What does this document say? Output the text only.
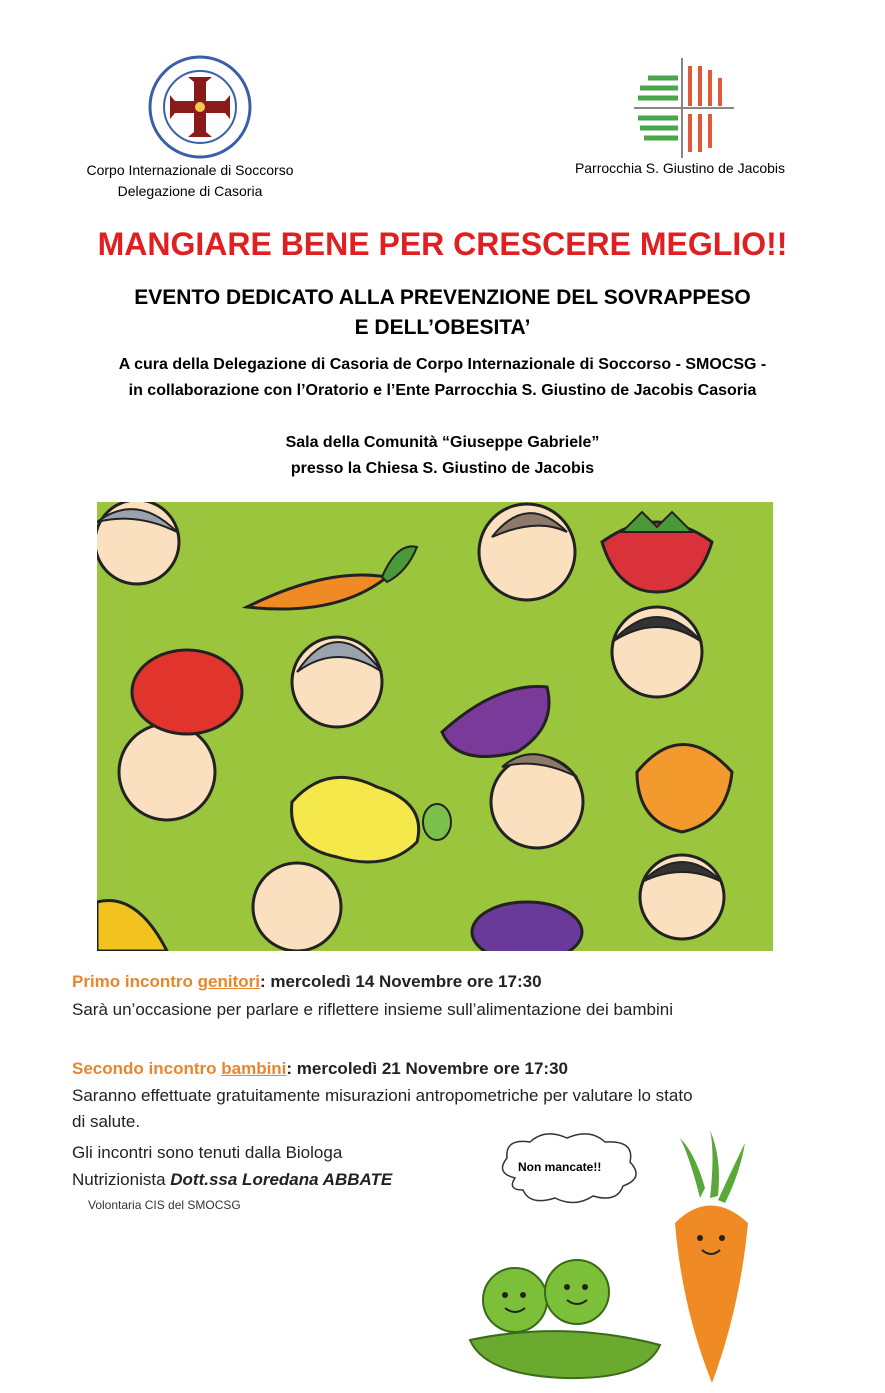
Corpo Internazionale di Soccorso
Delegazione di Casoria
Parrocchia S. Giustino de Jacobis
MANGIARE BENE PER CRESCERE MEGLIO!!
EVENTO DEDICATO ALLA PREVENZIONE DEL SOVRAPPESO
E DELL’OBESITA’
A cura della Delegazione di Casoria de Corpo Internazionale di Soccorso - SMOCSG -
in collaborazione con l’Oratorio e l’Ente Parrocchia S. Giustino de Jacobis Casoria
Sala della Comunità “Giuseppe Gabriele”
presso la Chiesa S. Giustino de Jacobis
Primo incontro genitori: mercoledì 14 Novembre ore 17:30
Sarà un’occasione per parlare e riflettere insieme sull’alimentazione dei bambini
Secondo incontro bambini: mercoledì 21 Novembre ore 17:30
Saranno effettuate gratuitamente misurazioni antropometriche per valutare lo stato
di salute.
Gli incontri sono tenuti dalla Biologa
Nutrizionista Dott.ssa Loredana ABBATE
Volontaria CIS del SMOCSG
Non mancate!!
